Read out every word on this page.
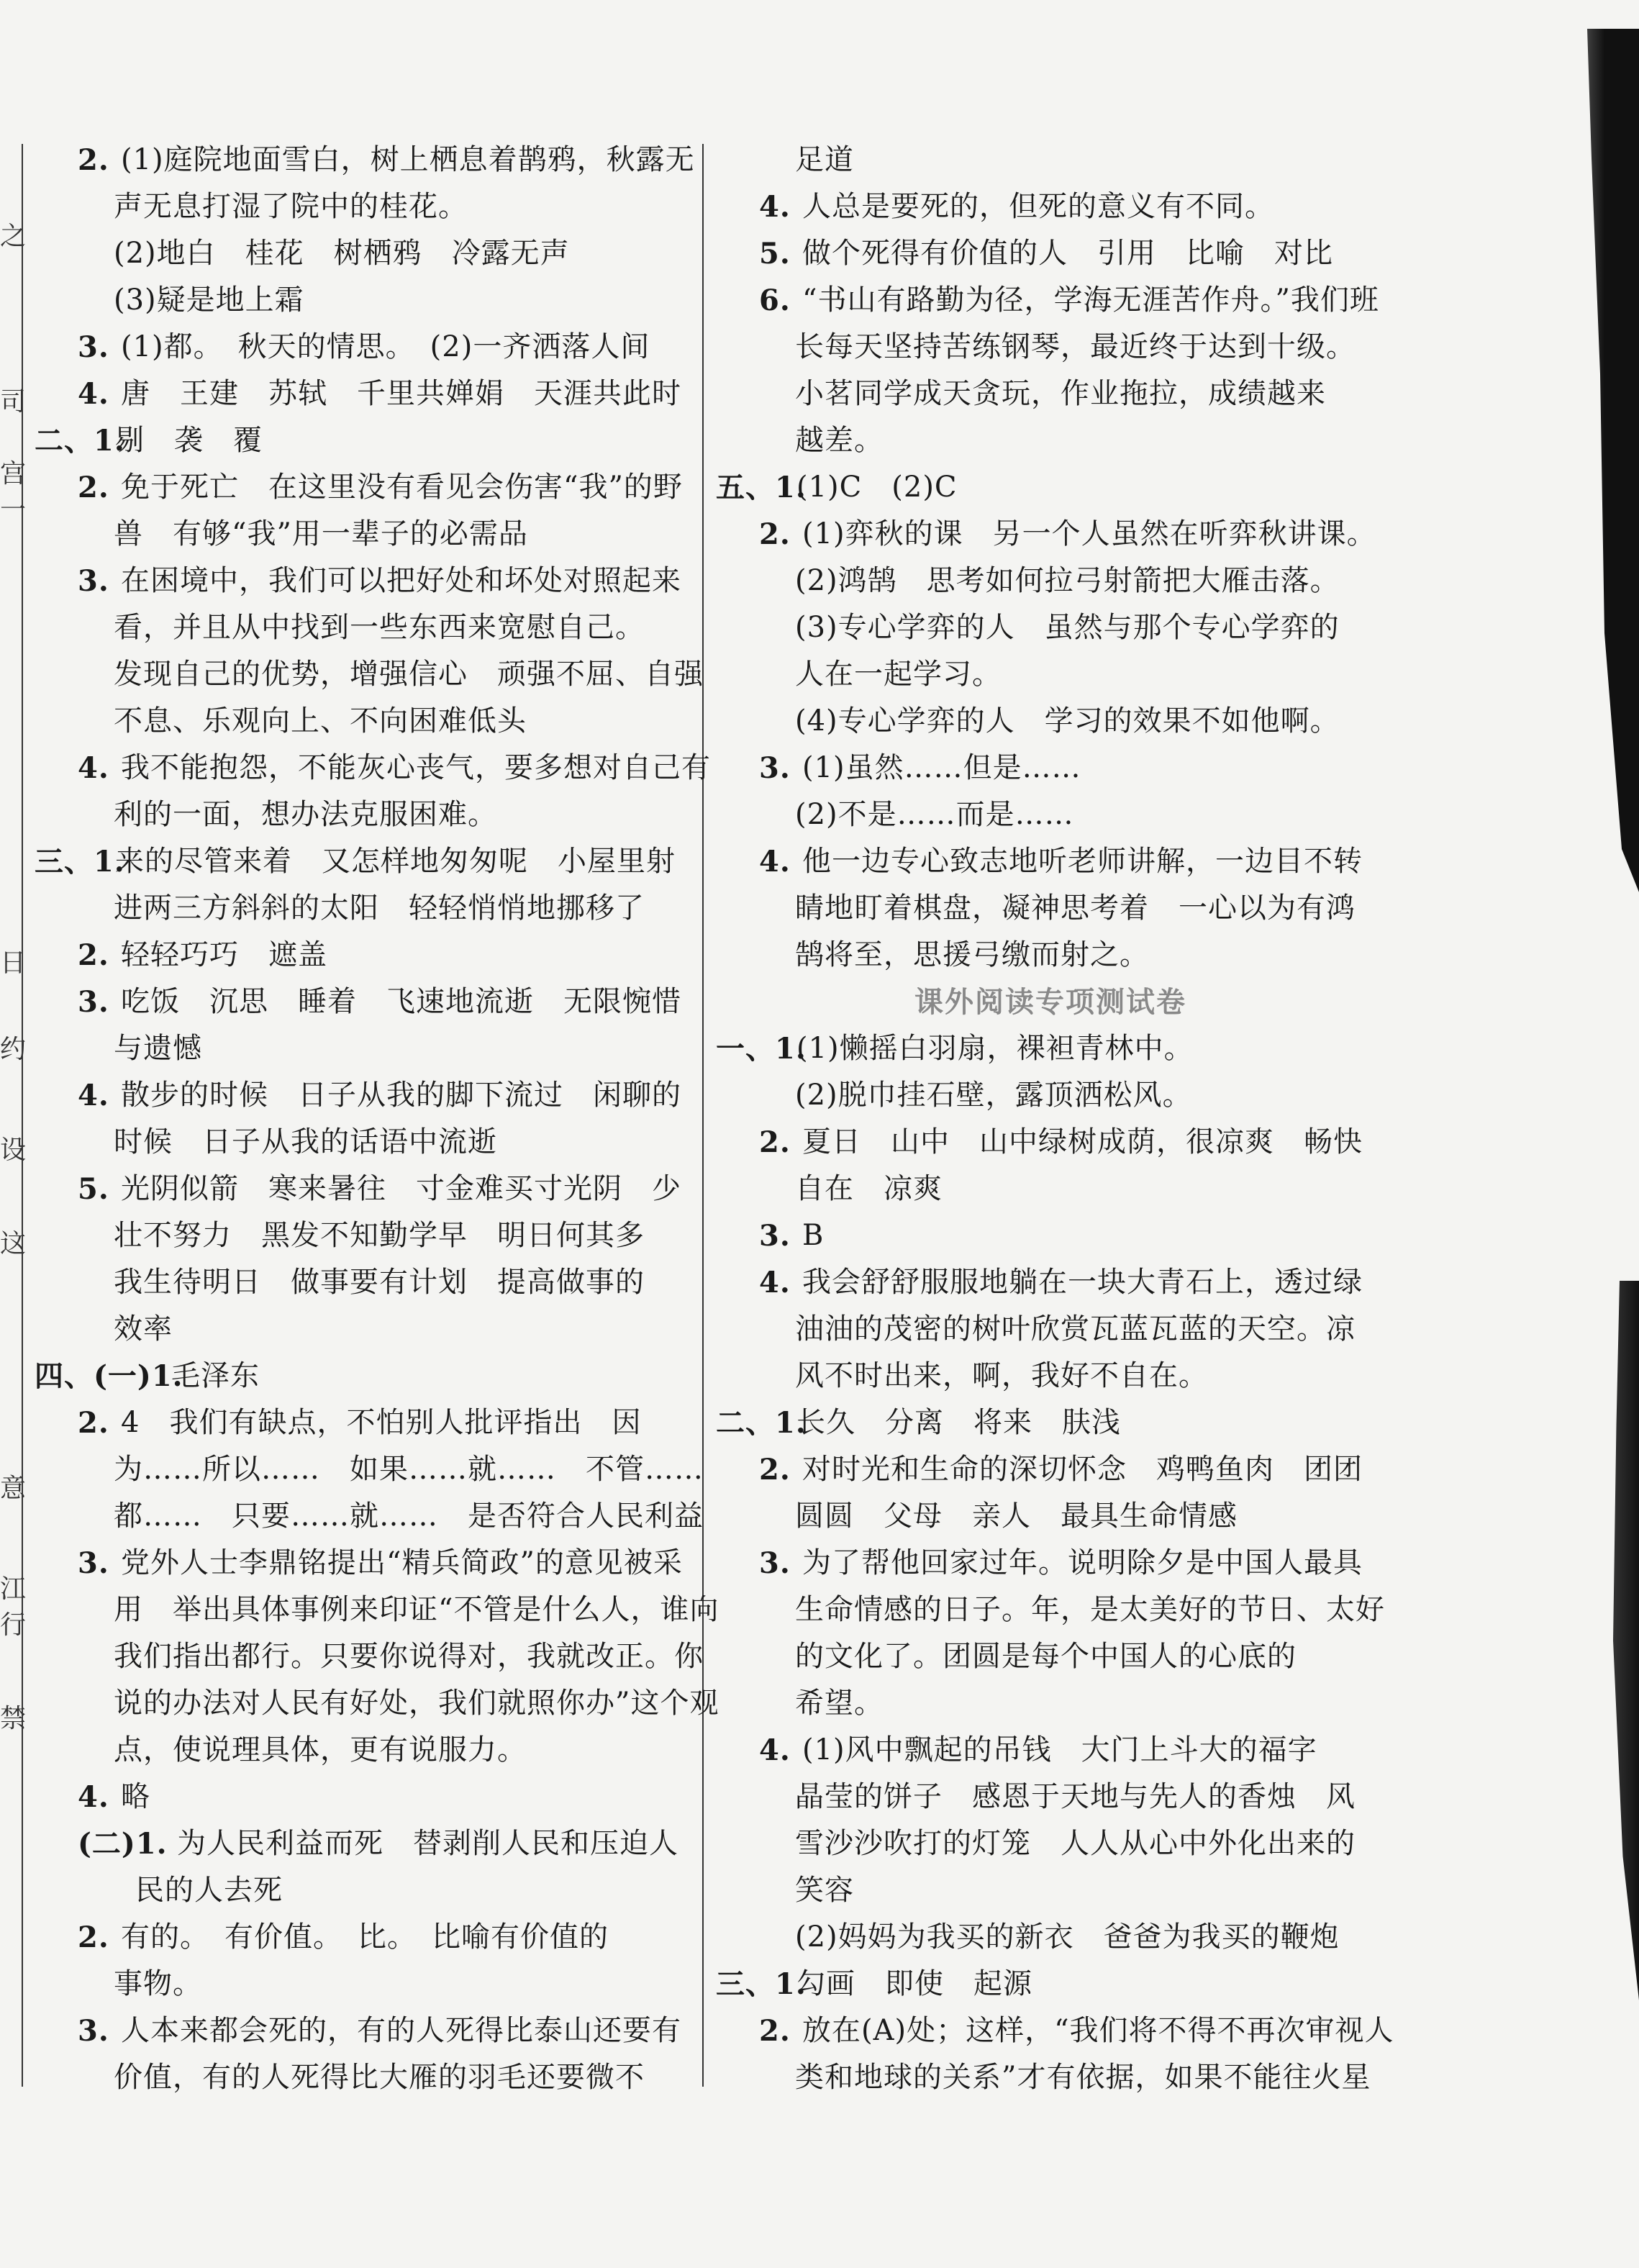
之
司
宫
一
日
约
设
这
意
江
行
禁
2. (1)庭院地面雪白，树上栖息着鹊鸦，秋露无
声无息打湿了院中的桂花。
(2)地白　桂花　树栖鸦　冷露无声
(3)疑是地上霜
3. (1)都。　秋天的情思。　(2)一齐洒落人间
4. 唐　王建　苏轼　千里共婵娟　天涯共此时
二、1.
剔　袭　覆
2. 免于死亡　在这里没有看见会伤害“我”的野
兽　有够“我”用一辈子的必需品
3. 在困境中，我们可以把好处和坏处对照起来
看，并且从中找到一些东西来宽慰自己。
发现自己的优势，增强信心　顽强不屈、自强
不息、乐观向上、不向困难低头
4. 我不能抱怨，不能灰心丧气，要多想对自己有
利的一面，想办法克服困难。
三、1.
来的尽管来着　又怎样地匆匆呢　小屋里射
进两三方斜斜的太阳　轻轻悄悄地挪移了
2. 轻轻巧巧　遮盖
3. 吃饭　沉思　睡着　飞速地流逝　无限惋惜
与遗憾
4. 散步的时候　日子从我的脚下流过　闲聊的
时候　日子从我的话语中流逝
5. 光阴似箭　寒来暑往　寸金难买寸光阴　少
壮不努力　黑发不知勤学早　明日何其多
我生待明日　做事要有计划　提高做事的
效率
四、(一)1.
毛泽东
2. 4　我们有缺点，不怕别人批评指出　因
为……所以……　如果……就……　不管……
都……　只要……就……　是否符合人民利益
3. 党外人士李鼎铭提出“精兵简政”的意见被采
用　举出具体事例来印证“不管是什么人，谁向
我们指出都行。只要你说得对，我就改正。你
说的办法对人民有好处，我们就照你办”这个观
点，使说理具体，更有说服力。
4. 略
(二)1. 为人民利益而死　替剥削人民和压迫人
民的人去死
2. 有的。　有价值。　比。　比喻有价值的
事物。
3. 人本来都会死的，有的人死得比泰山还要有
价值，有的人死得比大雁的羽毛还要微不
足道
4. 人总是要死的，但死的意义有不同。
5. 做个死得有价值的人　引用　比喻　对比
6. “书山有路勤为径，学海无涯苦作舟。”我们班
长每天坚持苦练钢琴，最近终于达到十级。
小茗同学成天贪玩，作业拖拉，成绩越来
越差。
五、1.
(1)C　(2)C
2. (1)弈秋的课　另一个人虽然在听弈秋讲课。
(2)鸿鹄　思考如何拉弓射箭把大雁击落。
(3)专心学弈的人　虽然与那个专心学弈的
人在一起学习。
(4)专心学弈的人　学习的效果不如他啊。
3. (1)虽然……但是……
(2)不是……而是……
4. 他一边专心致志地听老师讲解，一边目不转
睛地盯着棋盘，凝神思考着　一心以为有鸿
鹄将至，思援弓缴而射之。
课外阅读专项测试卷
一、1.
(1)懒摇白羽扇，裸袒青林中。
(2)脱巾挂石壁，露顶洒松风。
2. 夏日　山中　山中绿树成荫，很凉爽　畅快
自在　凉爽
3. B
4. 我会舒舒服服地躺在一块大青石上，透过绿
油油的茂密的树叶欣赏瓦蓝瓦蓝的天空。凉
风不时出来，啊，我好不自在。
二、1.
长久　分离　将来　肤浅
2. 对时光和生命的深切怀念　鸡鸭鱼肉　团团
圆圆　父母　亲人　最具生命情感
3. 为了帮他回家过年。说明除夕是中国人最具
生命情感的日子。年，是太美好的节日、太好
的文化了。团圆是每个中国人的心底的
希望。
4. (1)风中飘起的吊钱　大门上斗大的福字
晶莹的饼子　感恩于天地与先人的香烛　风
雪沙沙吹打的灯笼　人人从心中外化出来的
笑容
(2)妈妈为我买的新衣　爸爸为我买的鞭炮
三、1.
勾画　即使　起源
2. 放在(A)处；这样，“我们将不得不再次审视人
类和地球的关系”才有依据，如果不能往火星
